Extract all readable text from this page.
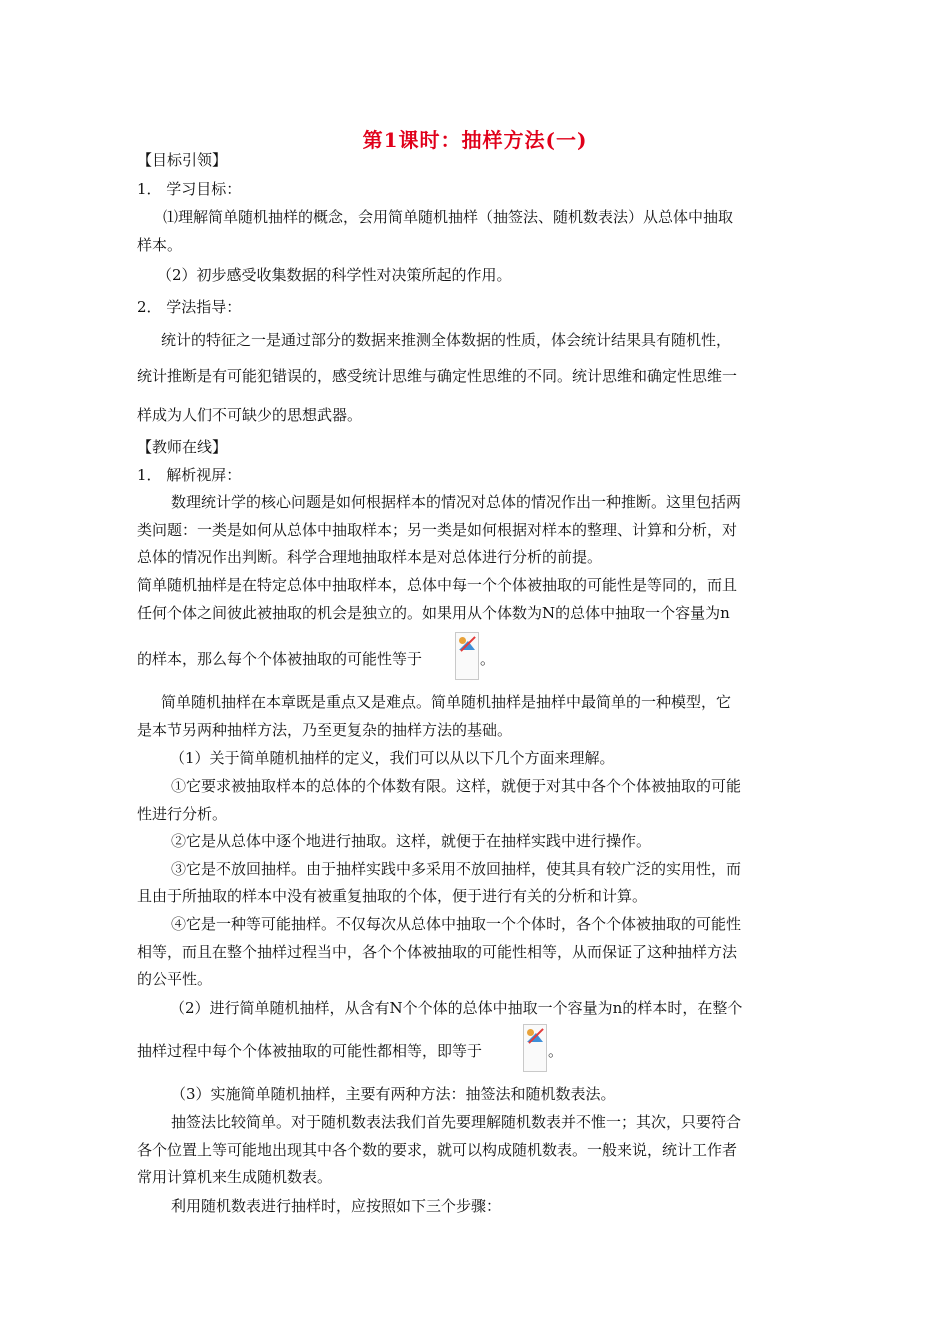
第1课时：抽样方法(一)
【目标引领】
1． 学习目标：
⑴理解简单随机抽样的概念，会用简单随机抽样（抽签法、随机数表法）从总体中抽取
样本。
（2）初步感受收集数据的科学性对决策所起的作用。
2． 学法指导：
统计的特征之一是通过部分的数据来推测全体数据的性质，体会统计结果具有随机性，
统计推断是有可能犯错误的，感受统计思维与确定性思维的不同。统计思维和确定性思维一
样成为人们不可缺少的思想武器。
【教师在线】
1． 解析视屏：
数理统计学的核心问题是如何根据样本的情况对总体的情况作出一种推断。这里包括两
类问题：一类是如何从总体中抽取样本；另一类是如何根据对样本的整理、计算和分析，对
总体的情况作出判断。科学合理地抽取样本是对总体进行分析的前提。
简单随机抽样是在特定总体中抽取样本，总体中每一个个体被抽取的可能性是等同的，而且
任何个体之间彼此被抽取的机会是独立的。如果用从个体数为N的总体中抽取一个容量为n
的样本，那么每个个体被抽取的可能性等于	。
简单随机抽样在本章既是重点又是难点。简单随机抽样是抽样中最简单的一种模型，它
是本节另两种抽样方法，乃至更复杂的抽样方法的基础。
（1）关于简单随机抽样的定义，我们可以从以下几个方面来理解。
①它要求被抽取样本的总体的个体数有限。这样，就便于对其中各个个体被抽取的可能
性进行分析。
②它是从总体中逐个地进行抽取。这样，就便于在抽样实践中进行操作。
③它是不放回抽样。由于抽样实践中多采用不放回抽样，使其具有较广泛的实用性，而
且由于所抽取的样本中没有被重复抽取的个体，便于进行有关的分析和计算。
④它是一种等可能抽样。不仅每次从总体中抽取一个个体时，各个个体被抽取的可能性
相等，而且在整个抽样过程当中，各个个体被抽取的可能性相等，从而保证了这种抽样方法
的公平性。
（2）进行简单随机抽样，从含有N个个体的总体中抽取一个容量为n的样本时，在整个
抽样过程中每个个体被抽取的可能性都相等，即等于	。
（3）实施简单随机抽样，主要有两种方法：抽签法和随机数表法。
抽签法比较简单。对于随机数表法我们首先要理解随机数表并不惟一；其次，只要符合
各个位置上等可能地出现其中各个数的要求，就可以构成随机数表。一般来说，统计工作者
常用计算机来生成随机数表。
利用随机数表进行抽样时，应按照如下三个步骤：
